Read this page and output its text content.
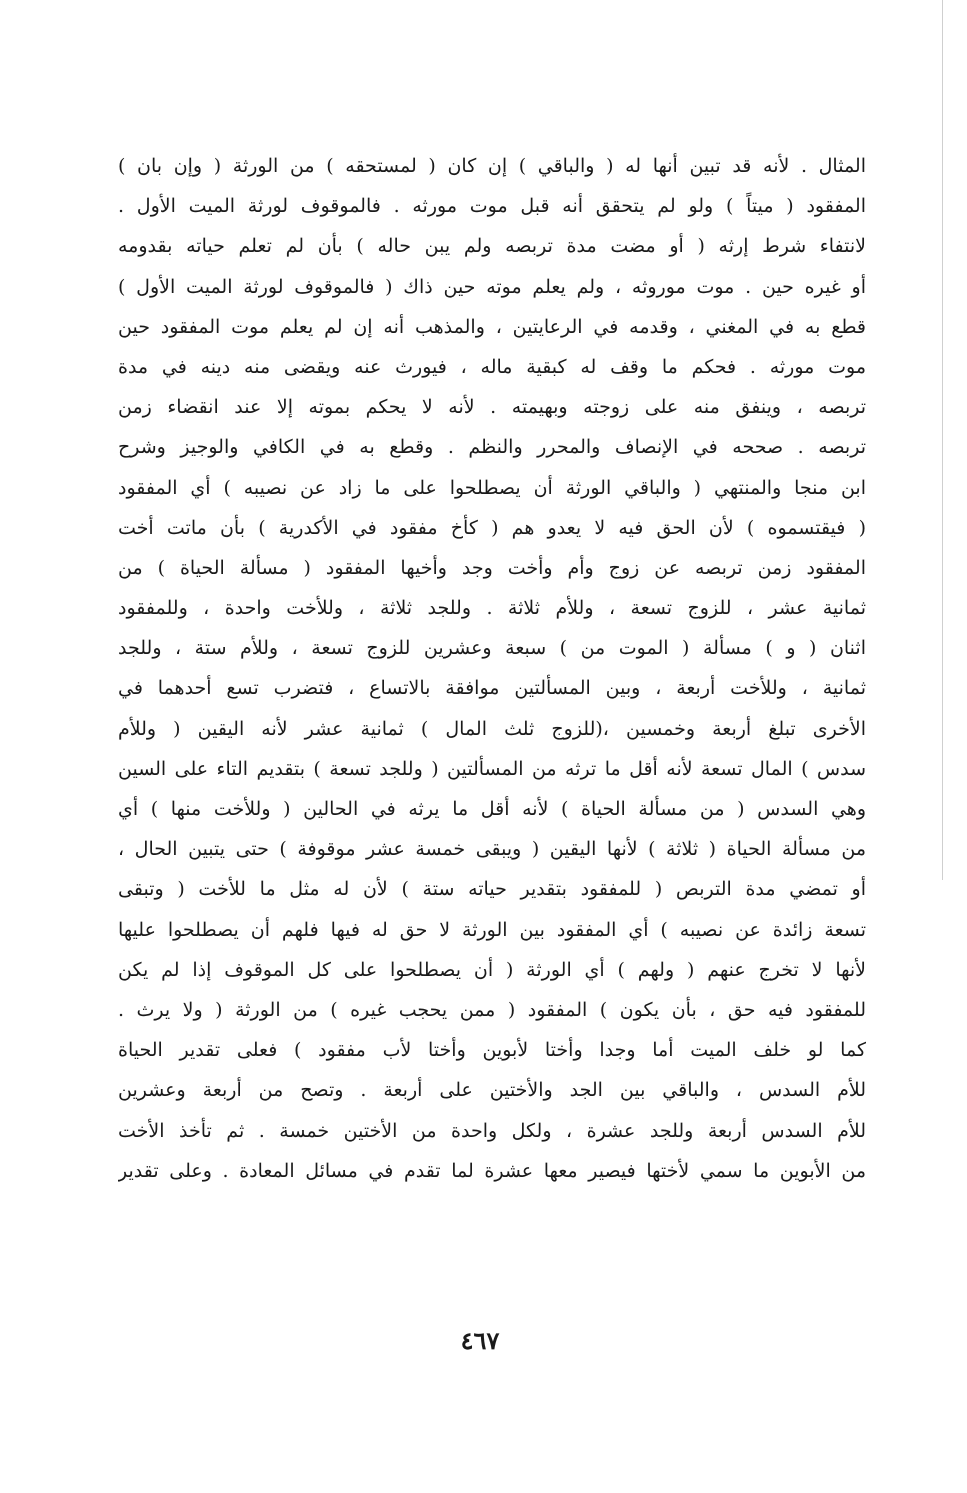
المثال . لأنه قد تبين أنها له ( والباقي ) إن كان ( لمستحقه ) من الورثة ( وإن بان )
المفقود ( ميتاً ) ولو لم يتحقق أنه قبل موت مورثه . فالموقوف لورثة الميت الأول .
لانتفاء شرط إرثه ( أو مضت مدة تربصه ولم يبن حاله ) بأن لم تعلم حياته بقدومه
أو غيره حين . موت موروثه ، ولم يعلم موته حين ذاك ( فالموقوف لورثة الميت الأول )
قطع به في المغني ، وقدمه في الرعايتين ، والمذهب أنه إن لم يعلم موت المفقود حين
موت مورثه . فحكم ما وقف له كبقية ماله ، فيورث عنه ويقضى منه دينه في مدة
تربصه ، وينفق منه على زوجته وبهيمته . لأنه لا يحكم بموته إلا عند انقضاء زمن
تربصه . صححه في الإنصاف والمحرر والنظم . وقطع به في الكافي والوجيز وشرح
ابن منجا والمنتهي ( والباقي الورثة أن يصطلحوا على ما زاد عن نصيبه ) أي المفقود
( فيقتسموه ) لأن الحق فيه لا يعدو هم ( كأخ مفقود في الأكدرية ) بأن ماتت أخت
المفقود زمن تربصه عن زوج وأم وأخت وجد وأخيها المفقود ( مسألة الحياة ) من
ثمانية عشر ، للزوج تسعة ، وللأم ثلاثة . وللجد ثلاثة ، وللأخت واحدة ، وللمفقود
اثنان ( و ) مسألة ( الموت من ) سبعة وعشرين للزوج تسعة ، وللأم ستة ، وللجد
ثمانية ، وللأخت أربعة ، وبين المسألتين موافقة بالاتساع ، فتضرب تسع أحدهما في
الأخرى تبلغ أربعة وخمسين ،(للزوج ثلث المال ) ثمانية عشر لأنه اليقين ( وللأم
سدس ) المال تسعة لأنه أقل ما ترثه من المسألتين ( وللجد تسعة ) بتقديم التاء على السين
وهي السدس ( من مسألة الحياة ) لأنه أقل ما يرثه في الحالين ( وللأخت منها ) أي
من مسألة الحياة ( ثلاثة ) لأنها اليقين ( ويبقى خمسة عشر موقوفة ) حتى يتبين الحال ،
أو تمضي مدة التربص ( للمفقود بتقدير حياته ستة ) لأن له مثل ما للأخت ( وتبقى
تسعة زائدة عن نصيبه ) أي المفقود بين الورثة لا حق له فيها فلهم أن يصطلحوا عليها
لأنها لا تخرج عنهم ( ولهم ) أي الورثة ( أن يصطلحوا على كل الموقوف إذا لم يكن
للمفقود فيه حق ، بأن يكون ) المفقود ( ممن يحجب غيره ) من الورثة ( ولا يرث .
كما لو خلف الميت أما وجدا وأختا لأبوين وأختا لأب مفقود ) فعلى تقدير الحياة
للأم السدس ، والباقي بين الجد والأختين على أربعة . وتصح من أربعة وعشرين
للأم السدس أربعة وللجد عشرة ، ولكل واحدة من الأختين خمسة . ثم تأخذ الأخت
من الأبوين ما سمي لأختها فيصير معها عشرة لما تقدم في مسائل المعادة . وعلى تقدير
٤٦٧
